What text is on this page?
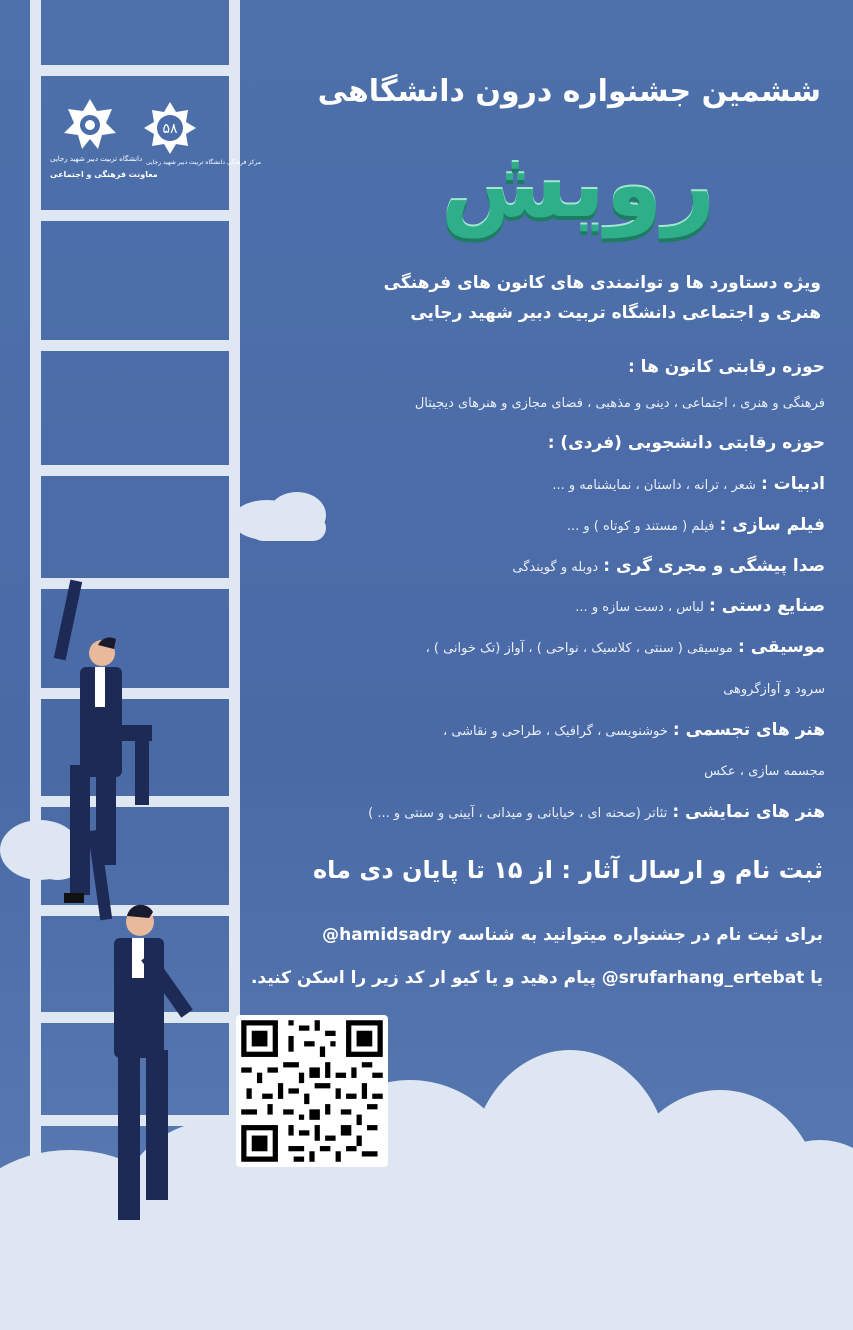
۵۸
مرکز فرهنگی دانشگاه تربیت دبیر شهید رجایی
دانشگاه تربیت دبیر شهید رجایی
معاونت فرهنگی و اجتماعی
ششمین جشنواره درون دانشگاهی
رویش
ویژه دستاورد ها و توانمندی های کانون های فرهنگی
هنری و اجتماعی دانشگاه تربیت دبیر شهید رجایی
حوزه رقابتی کانون ها :
فرهنگی و هنری ، اجتماعی ، دینی و مذهبی ، فضای مجازی و هنرهای دیجیتال
حوزه رقابتی دانشجویی (فردی) :
ادبیات : شعر ، ترانه ، داستان ، نمایشنامه و ...
فیلم سازی : فیلم ( مستند و کوتاه ) و ...
صدا پیشگی و مجری گری : دوبله و گویندگی
صنایع دستی : لباس ، دست سازه و ...
موسیقی : موسیقی ( سنتی ، کلاسیک ، نواحی ) ، آواز (تک خوانی ) ،
سرود و آوازگروهی
هنر های تجسمی : خوشنویسی ، گرافیک ، طراحی و نقاشی ،
مجسمه سازی ، عکس
هنر های نمایشی : تئاتر (صحنه ای ، خیابانی و میدانی ، آیینی و سنتی و ... )
ثبت نام و ارسال آثار : از ۱۵ تا پایان دی ماه
برای ثبت نام در جشنواره میتوانید به شناسه hamidsadry@
یا srufarhang_ertebat@ پیام دهید و یا کیو ار کد زیر را اسکن کنید.
